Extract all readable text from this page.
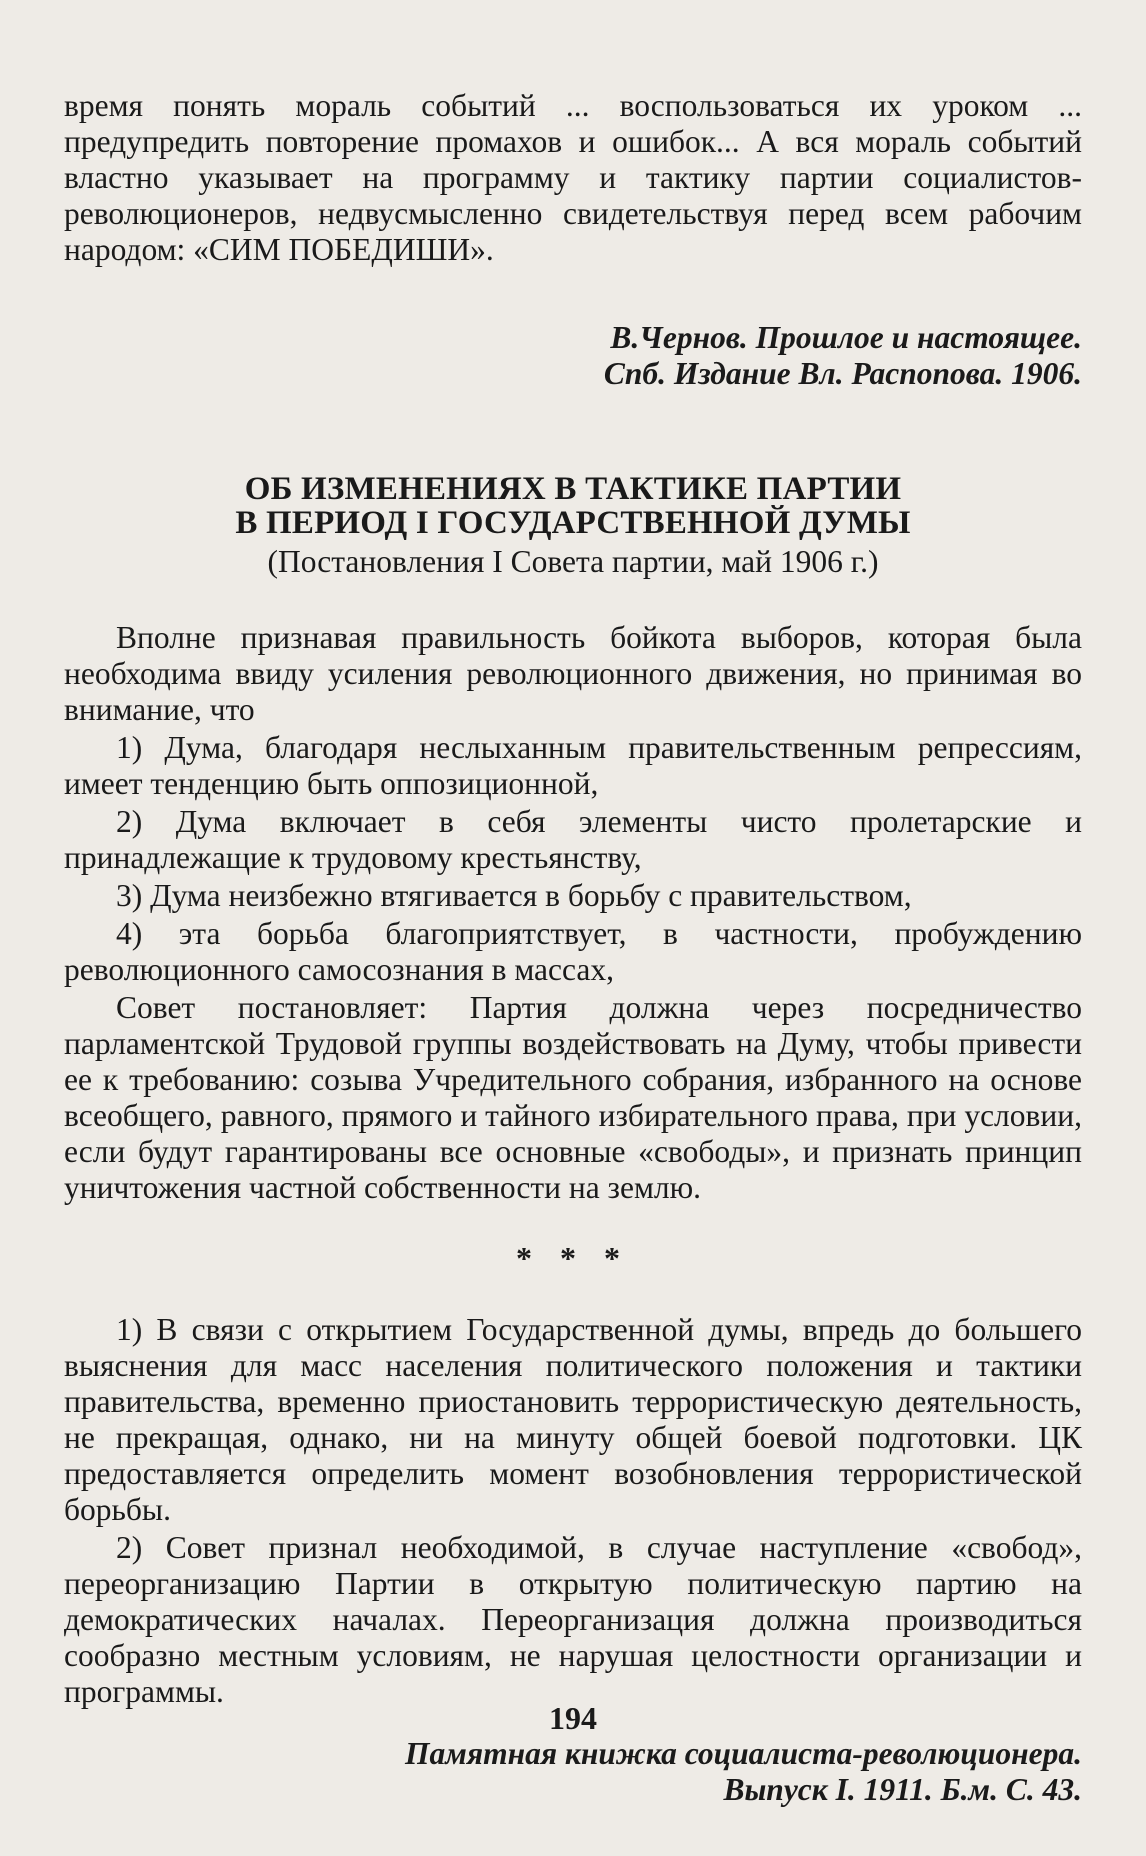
время понять мораль событий ... воспользоваться их уроком ... предупредить повторение промахов и ошибок... А вся мораль событий властно указывает на программу и тактику партии социалистов-революционеров, недвусмысленно свидетельствуя перед всем рабочим народом: «СИМ ПОБЕДИШИ».

В.Чернов. Прошлое и настоящее.

Спб. Издание Вл. Распопова. 1906.

ОБ ИЗМЕНЕНИЯХ В ТАКТИКЕ ПАРТИИ
В ПЕРИОД I ГОСУДАРСТВЕННОЙ ДУМЫ

(Постановления I Совета партии, май 1906 г.)

Вполне признавая правильность бойкота выборов, которая была необходима ввиду усиления революционного движения, но принимая во внимание, что

1) Дума, благодаря неслыханным правительственным репрессиям, имеет тенденцию быть оппозиционной,

2) Дума включает в себя элементы чисто пролетарские и принадлежащие к трудовому крестьянству,

3) Дума неизбежно втягивается в борьбу с правительством,

4) эта борьба благоприятствует, в частности, пробуждению революционного самосознания в массах,

Совет постановляет: Партия должна через посредничество парламентской Трудовой группы воздействовать на Думу, чтобы привести ее к требованию: созыва Учредительного собрания, избранного на основе всеобщего, равного, прямого и тайного избирательного права, при условии, если будут гарантированы все основные «свободы», и признать принцип уничтожения частной собственности на землю.

* * *

1) В связи с открытием Государственной думы, впредь до большего выяснения для масс населения политического положения и тактики правительства, временно приостановить террористическую деятельность, не прекращая, однако, ни на минуту общей боевой подготовки. ЦК предоставляется определить момент возобновления террористической борьбы.

2) Совет признал необходимой, в случае наступление «свобод», переорганизацию Партии в открытую политическую партию на демократических началах. Переорганизация должна производиться сообразно местным условиям, не нарушая целостности организации и программы.

Памятная книжка социалиста-революционера.

Выпуск I. 1911. Б.м. С. 43.

194
